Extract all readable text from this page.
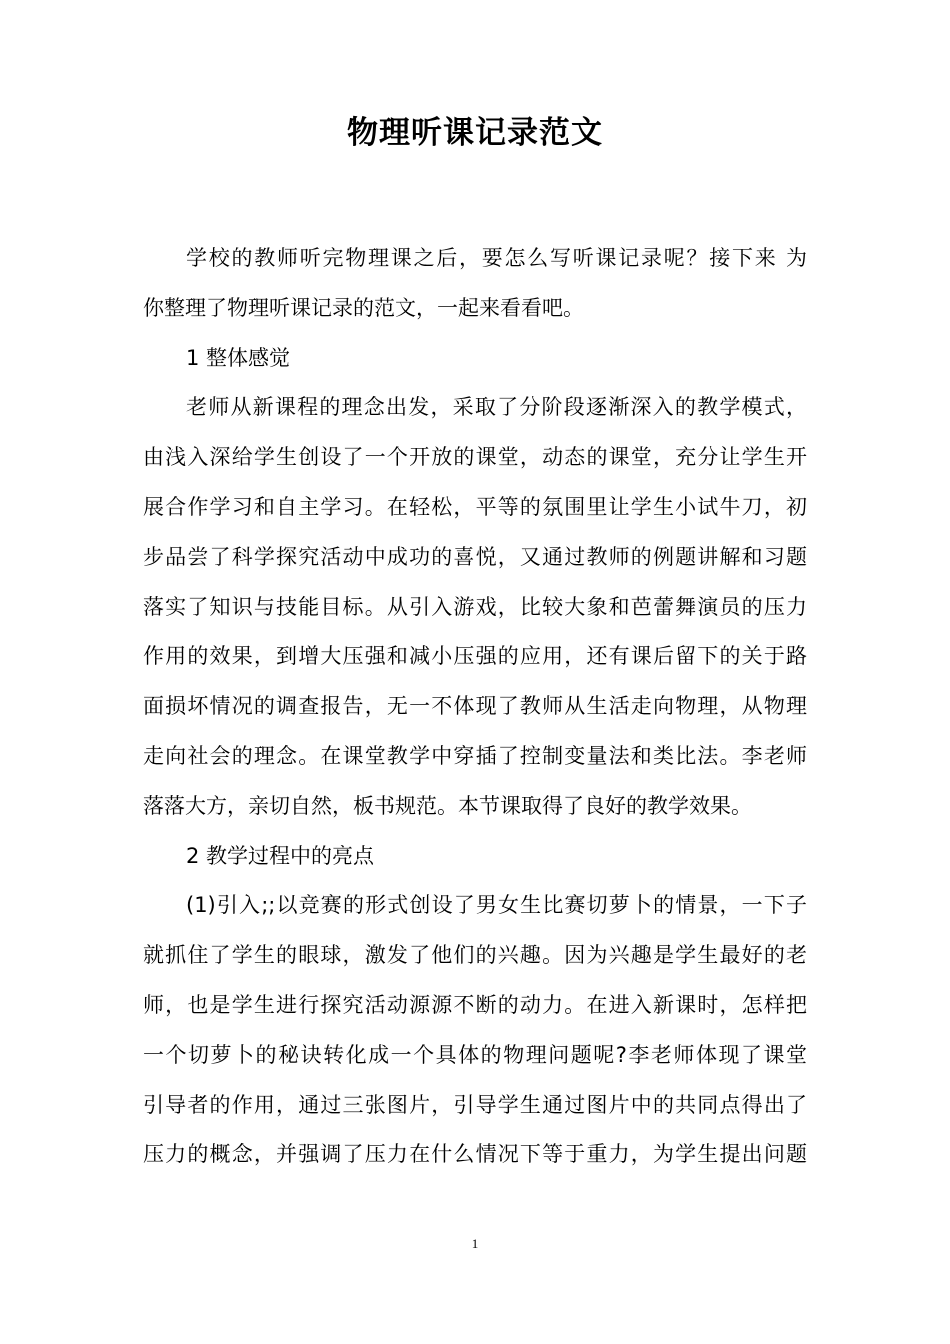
物理听课记录范文
学校的教师听完物理课之后，要怎么写听课记录呢？接下来 为
你整理了物理听课记录的范文，一起来看看吧。
1 整体感觉
老师从新课程的理念出发，采取了分阶段逐渐深入的教学模式，
由浅入深给学生创设了一个开放的课堂，动态的课堂，充分让学生开
展合作学习和自主学习。在轻松，平等的氛围里让学生小试牛刀，初
步品尝了科学探究活动中成功的喜悦，又通过教师的例题讲解和习题
落实了知识与技能目标。从引入游戏，比较大象和芭蕾舞演员的压力
作用的效果，到增大压强和减小压强的应用，还有课后留下的关于路
面损坏情况的调查报告，无一不体现了教师从生活走向物理，从物理
走向社会的理念。在课堂教学中穿插了控制变量法和类比法。李老师
落落大方，亲切自然，板书规范。本节课取得了良好的教学效果。
2 教学过程中的亮点
(1)引入;;以竞赛的形式创设了男女生比赛切萝卜的情景，一下子
就抓住了学生的眼球，激发了他们的兴趣。因为兴趣是学生最好的老
师，也是学生进行探究活动源源不断的动力。在进入新课时，怎样把
一个切萝卜的秘诀转化成一个具体的物理问题呢?李老师体现了课堂
引导者的作用，通过三张图片，引导学生通过图片中的共同点得出了
压力的概念，并强调了压力在什么情况下等于重力，为学生提出问题
1
